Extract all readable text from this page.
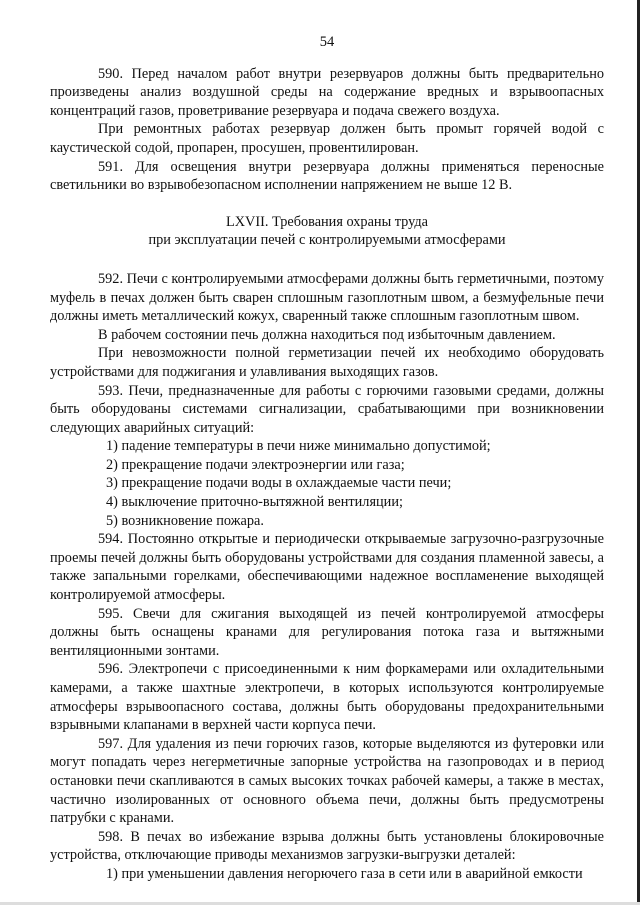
54

590. Перед началом работ внутри резервуаров должны быть предварительно произведены анализ воздушной среды на содержание вредных и взрывоопасных концентраций газов, проветривание резервуара и подача свежего воздуха.

При ремонтных работах резервуар должен быть промыт горячей водой с каустической содой, пропарен, просушен, провентилирован.

591. Для освещения внутри резервуара должны применяться переносные светильники во взрывобезопасном исполнении напряжением не выше 12 В.

LXVII. Требования охраны труда

при эксплуатации печей с контролируемыми атмосферами

592. Печи с контролируемыми атмосферами должны быть герметичными, поэтому муфель в печах должен быть сварен сплошным газоплотным швом, а безмуфельные печи должны иметь металлический кожух, сваренный также сплошным газоплотным швом.

В рабочем состоянии печь должна находиться под избыточным давлением.

При невозможности полной герметизации печей их необходимо оборудовать устройствами для поджигания и улавливания выходящих газов.

593. Печи, предназначенные для работы с горючими газовыми средами, должны быть оборудованы системами сигнализации, срабатывающими при возникновении следующих аварийных ситуаций:

1) падение температуры в печи ниже минимально допустимой;

2) прекращение подачи электроэнергии или газа;

3) прекращение подачи воды в охлаждаемые части печи;

4) выключение приточно-вытяжной вентиляции;

5) возникновение пожара.

594. Постоянно открытые и периодически открываемые загрузочно-разгрузочные проемы печей должны быть оборудованы устройствами для создания пламенной завесы, а также запальными горелками, обеспечивающими надежное воспламенение выходящей контролируемой атмосферы.

595. Свечи для сжигания выходящей из печей контролируемой атмосферы должны быть оснащены кранами для регулирования потока газа и вытяжными вентиляционными зонтами.

596. Электропечи с присоединенными к ним форкамерами или охладительными камерами, а также шахтные электропечи, в которых используются контролируемые атмосферы взрывоопасного состава, должны быть оборудованы предохранительными взрывными клапанами в верхней части корпуса печи.

597. Для удаления из печи горючих газов, которые выделяются из футеровки или могут попадать через негерметичные запорные устройства на газопроводах и в период остановки печи скапливаются в самых высоких точках рабочей камеры, а также в местах, частично изолированных от основного объема печи, должны быть предусмотрены патрубки с кранами.

598. В печах во избежание взрыва должны быть установлены блокировочные устройства, отключающие приводы механизмов загрузки-выгрузки деталей:

1) при уменьшении давления негорючего газа в сети или в аварийной емкости
